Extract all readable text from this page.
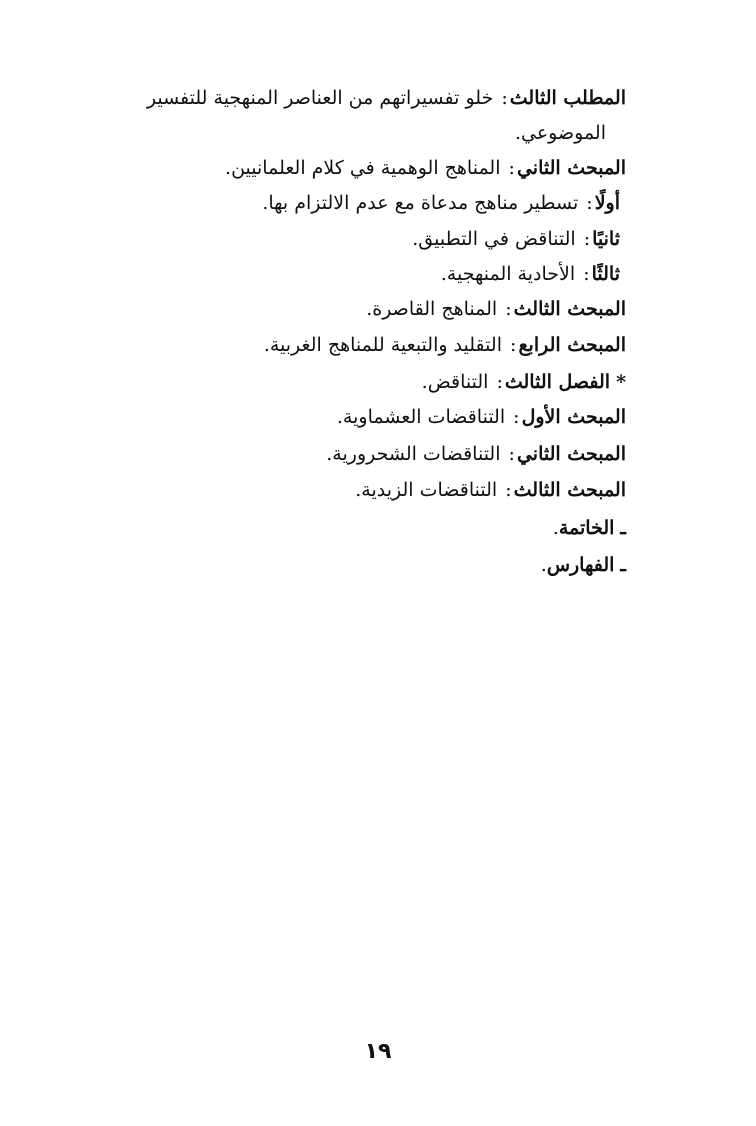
المطلب الثالث: خلو تفسيراتهم من العناصر المنهجية للتفسير
الموضوعي.
المبحث الثاني: المناهج الوهمية في كلام العلمانيين.
أولًا: تسطير مناهج مدعاة مع عدم الالتزام بها.
ثانيًا: التناقض في التطبيق.
ثالثًا: الأحادية المنهجية.
المبحث الثالث: المناهج القاصرة.
المبحث الرابع: التقليد والتبعية للمناهج الغربية.
*الفصل الثالث: التناقض.
المبحث الأول: التناقضات العشماوية.
المبحث الثاني: التناقضات الشحرورية.
المبحث الثالث: التناقضات الزيدية.
ـالخاتمة.
ـالفهارس.
١٩
